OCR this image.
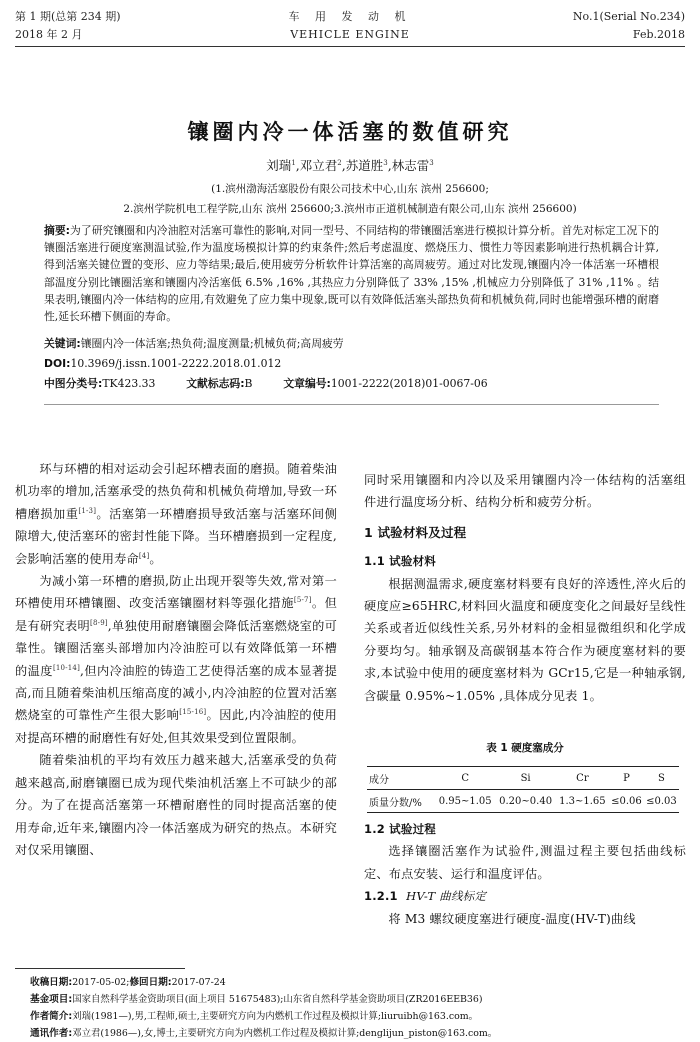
第 1 期(总第 234 期)
2018 年 2 月
车 用 发 动 机
VEHICLE ENGINE
No.1(Serial No.234)
Feb.2018
镶圈内冷一体活塞的数值研究
刘瑞$^1$,邓立君$^2$,苏道胜$^3$,林志雷$^3$
(1.滨州渤海活塞股份有限公司技术中心,山东 滨州 256600;
2.滨州学院机电工程学院,山东 滨州 256600;3.滨州市正道机械制造有限公司,山东 滨州 256600)
摘要:为了研究镶圈和内冷油腔对活塞可靠性的影响,对同一型号、不同结构的带镶圈活塞进行模拟计算分析。首先对标定工况下的镶圈活塞进行硬度塞测温试验,作为温度场模拟计算的约束条件;然后考虑温度、燃烧压力、惯性力等因素影响进行热机耦合计算,得到活塞关键位置的变形、应力等结果;最后,使用疲劳分析软件计算活塞的高周疲劳。通过对比发现,镶圈内冷一体活塞一环槽根部温度分别比镶圈活塞和镶圈内冷活塞低 6.5% ,16% ,其热应力分别降低了 33% ,15% ,机械应力分别降低了 31% ,11% 。结果表明,镶圈内冷一体结构的应用,有效避免了应力集中现象,既可以有效降低活塞头部热负荷和机械负荷,同时也能增强环槽的耐磨性,延长环槽下侧面的寿命。
关键词:镶圈内冷一体活塞;热负荷;温度测量;机械负荷;高周疲劳
DOI:10.3969/j.issn.1001-2222.2018.01.012
中图分类号:TK423.33	文献标志码:B	文章编号:1001-2222(2018)01-0067-06

环与环槽的相对运动会引起环槽表面的磨损。随着柴油机功率的增加,活塞承受的热负荷和机械负荷增加,导致一环槽磨损加重[1-3]。活塞第一环槽磨损导致活塞与活塞环间侧隙增大,使活塞环的密封性能下降。当环槽磨损到一定程度,会影响活塞的使用寿命[4]。

为减小第一环槽的磨损,防止出现开裂等失效,常对第一环槽使用环槽镶圈、改变活塞镶圈材料等强化措施[5-7]。但是有研究表明[8-9],单独使用耐磨镶圈会降低活塞燃烧室的可靠性。镶圈活塞头部增加内冷油腔可以有效降低第一环槽的温度[10-14],但内冷油腔的铸造工艺使得活塞的成本显著提高,而且随着柴油机压缩高度的减小,内冷油腔的位置对活塞燃烧室的可靠性产生很大影响[15-16]。因此,内冷油腔的使用对提高环槽的耐磨性有好处,但其效果受到位置限制。

随着柴油机的平均有效压力越来越大,活塞承受的负荷越来越高,耐磨镶圈已成为现代柴油机活塞上不可缺少的部分。为了在提高活塞第一环槽耐磨性的同时提高活塞的使用寿命,近年来,镶圈内冷一体活塞成为研究的热点。本研究对仅采用镶圈、

同时采用镶圈和内冷以及采用镶圈内冷一体结构的活塞组件进行温度场分析、结构分析和疲劳分析。

1 试验材料及过程

1.1 试验材料

根据测温需求,硬度塞材料要有良好的淬透性,淬火后的硬度应≥65HRC,材料回火温度和硬度变化之间最好呈线性关系或者近似线性关系,另外材料的金相显微组织和化学成分要均匀。轴承钢及高碳钢基本符合作为硬度塞材料的要求,本试验中使用的硬度塞材料为 GCr15,它是一种轴承钢,含碳量 0.95%~1.05% ,具体成分见表 1。

表 1 硬度塞成分
成分	C	Si	Cr	P	S
质量分数/%	0.95~1.05	0.20~0.40	1.3~1.65	≤0.06	≤0.03

1.2 试验过程

选择镶圈活塞作为试验件,测温过程主要包括曲线标定、布点安装、运行和温度评估。

1.2.1 HV-T 曲线标定

将 M3 螺纹硬度塞进行硬度-温度(HV-T)曲线

收稿日期:2017-05-02;修回日期:2017-07-24
基金项目:国家自然科学基金资助项目(面上项目 51675483);山东省自然科学基金资助项目(ZR2016EEB36)
作者简介:刘瑞(1981—),男,工程师,硕士,主要研究方向为内燃机工作过程及模拟计算;liuruibh@163.com。
通讯作者:邓立君(1986—),女,博士,主要研究方向为内燃机工作过程及模拟计算;denglijun_piston@163.com。
